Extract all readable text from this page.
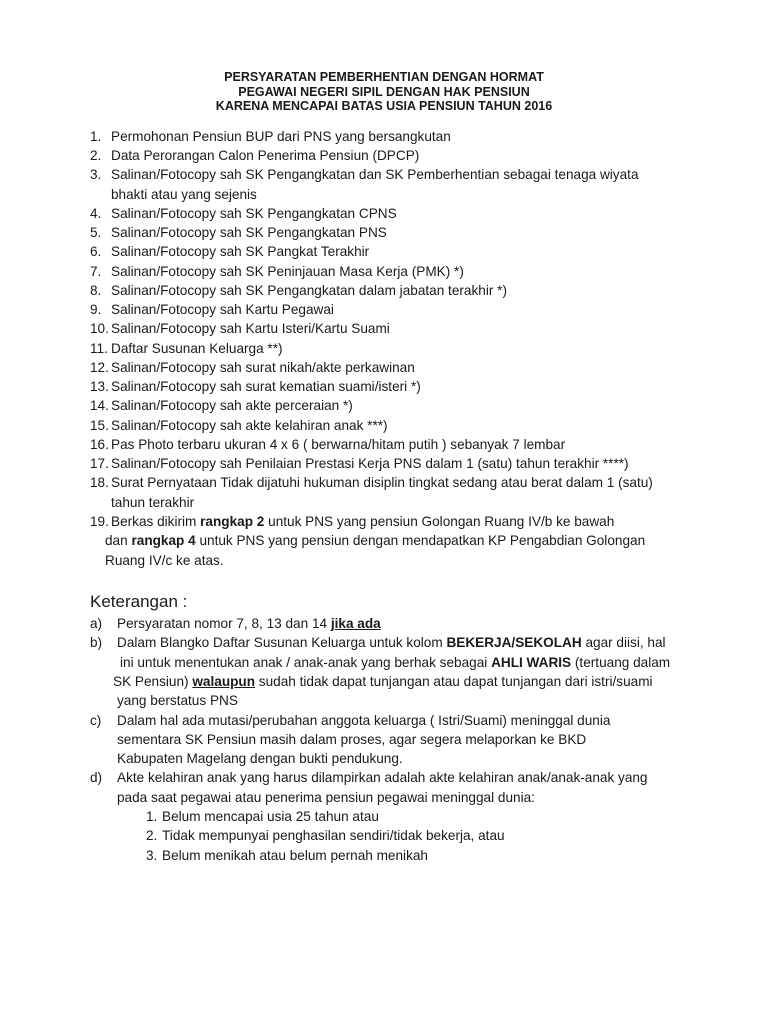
PERSYARATAN PEMBERHENTIAN DENGAN HORMAT
PEGAWAI NEGERI SIPIL DENGAN HAK PENSIUN
KARENA MENCAPAI BATAS USIA PENSIUN TAHUN 2016
1. Permohonan Pensiun BUP dari PNS yang bersangkutan
2. Data Perorangan Calon Penerima Pensiun (DPCP)
3. Salinan/Fotocopy sah SK Pengangkatan dan SK Pemberhentian sebagai tenaga wiyata
bhakti atau yang sejenis
4. Salinan/Fotocopy sah SK Pengangkatan CPNS
5. Salinan/Fotocopy sah SK Pengangkatan PNS
6. Salinan/Fotocopy sah SK Pangkat Terakhir
7. Salinan/Fotocopy sah SK Peninjauan Masa Kerja (PMK) *)
8. Salinan/Fotocopy sah SK Pengangkatan dalam jabatan terakhir *)
9. Salinan/Fotocopy sah Kartu Pegawai
10. Salinan/Fotocopy sah Kartu Isteri/Kartu Suami
11. Daftar Susunan Keluarga **)
12. Salinan/Fotocopy sah surat nikah/akte perkawinan
13. Salinan/Fotocopy sah surat kematian suami/isteri *)
14. Salinan/Fotocopy sah akte perceraian *)
15. Salinan/Fotocopy sah akte kelahiran anak ***)
16. Pas Photo terbaru ukuran 4 x 6 ( berwarna/hitam putih ) sebanyak 7 lembar
17. Salinan/Fotocopy sah Penilaian Prestasi Kerja PNS dalam 1 (satu) tahun terakhir ****)
18. Surat Pernyataan Tidak dijatuhi hukuman disiplin tingkat sedang atau berat dalam 1 (satu)
tahun terakhir
19. Berkas dikirim rangkap 2 untuk PNS yang pensiun Golongan Ruang IV/b ke bawah
dan rangkap 4 untuk PNS yang pensiun dengan mendapatkan KP Pengabdian Golongan
Ruang IV/c ke atas.
Keterangan :
a) Persyaratan nomor 7, 8, 13 dan 14 jika ada
b) Dalam Blangko Daftar Susunan Keluarga untuk kolom BEKERJA/SEKOLAH agar diisi, hal
ini untuk menentukan anak / anak-anak yang berhak sebagai AHLI WARIS (tertuang dalam
SK Pensiun) walaupun sudah tidak dapat tunjangan atau dapat tunjangan dari istri/suami
yang berstatus PNS
c) Dalam hal ada mutasi/perubahan anggota keluarga ( Istri/Suami) meninggal dunia
sementara SK Pensiun masih dalam proses, agar segera melaporkan ke BKD
Kabupaten Magelang dengan bukti pendukung.
d) Akte kelahiran anak yang harus dilampirkan adalah akte kelahiran anak/anak-anak yang
pada saat pegawai atau penerima pensiun pegawai meninggal dunia:
1. Belum mencapai usia 25 tahun atau
2. Tidak mempunyai penghasilan sendiri/tidak bekerja, atau
3. Belum menikah atau belum pernah menikah
